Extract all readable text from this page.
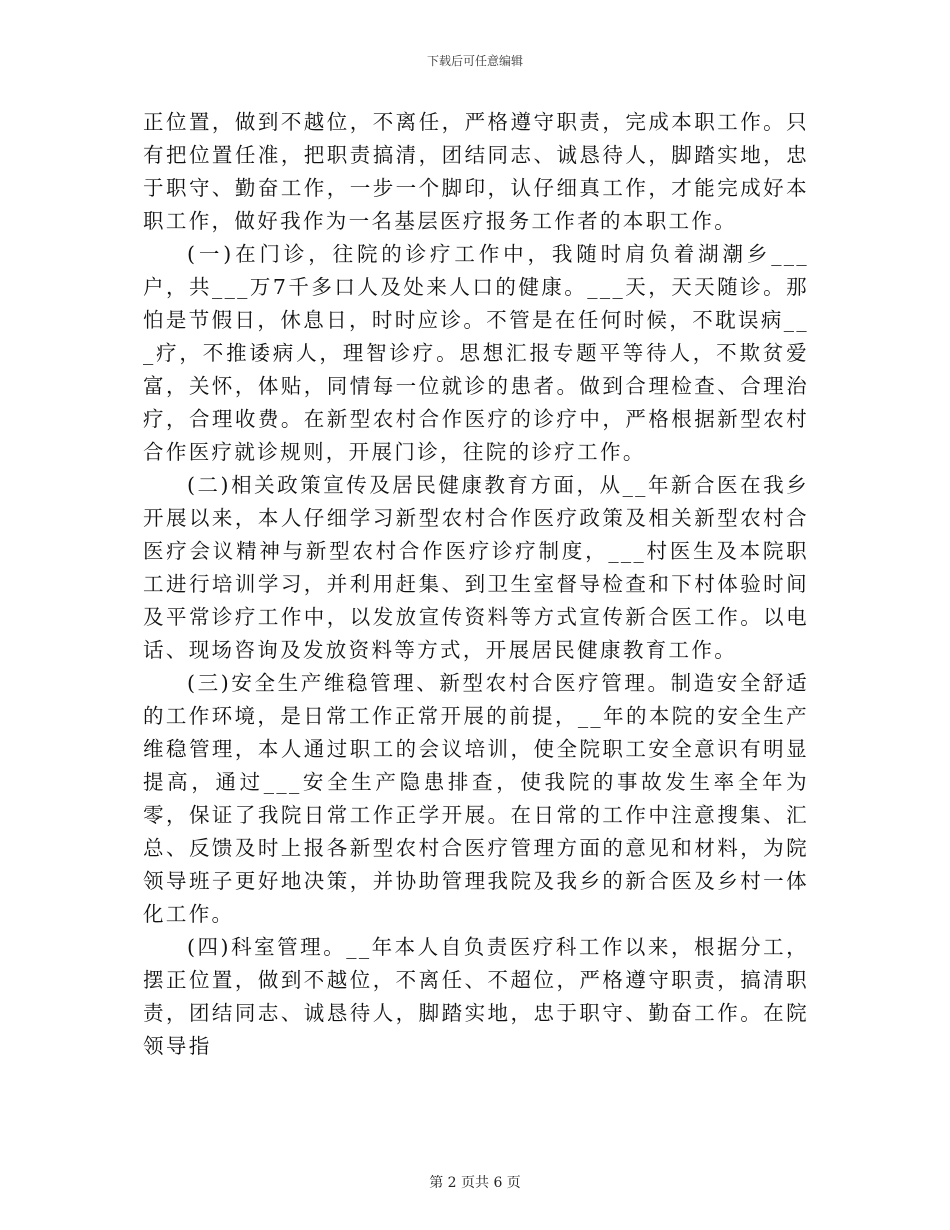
下载后可任意编辑

正位置，做到不越位，不离任，严格遵守职责，完成本职工作。只有把位置任准，把职责搞清，团结同志、诚恳待人，脚踏实地，忠于职守、勤奋工作，一步一个脚印，认仔细真工作，才能完成好本职工作，做好我作为一名基层医疗报务工作者的本职工作。

(一)在门诊，往院的诊疗工作中，我随时肩负着湖潮乡___户，共___万7千多口人及处来人口的健康。___天，天天随诊。那怕是节假日，休息日，时时应诊。不管是在任何时候，不耽误病___疗，不推诿病人，理智诊疗。思想汇报专题平等待人，不欺贫爱富，关怀，体贴，同情每一位就诊的患者。做到合理检查、合理治疗，合理收费。在新型农村合作医疗的诊疗中，严格根据新型农村合作医疗就诊规则，开展门诊，往院的诊疗工作。

(二)相关政策宣传及居民健康教育方面，从__年新合医在我乡开展以来，本人仔细学习新型农村合作医疗政策及相关新型农村合医疗会议精神与新型农村合作医疗诊疗制度，___村医生及本院职工进行培训学习，并利用赶集、到卫生室督导检查和下村体验时间及平常诊疗工作中，以发放宣传资料等方式宣传新合医工作。以电话、现场咨询及发放资料等方式，开展居民健康教育工作。

(三)安全生产维稳管理、新型农村合医疗管理。制造安全舒适的工作环境，是日常工作正常开展的前提，__年的本院的安全生产维稳管理，本人通过职工的会议培训，使全院职工安全意识有明显提高，通过___安全生产隐患排查，使我院的事故发生率全年为零，保证了我院日常工作正学开展。在日常的工作中注意搜集、汇总、反馈及时上报各新型农村合医疗管理方面的意见和材料，为院领导班子更好地决策，并协助管理我院及我乡的新合医及乡村一体化工作。

(四)科室管理。__年本人自负责医疗科工作以来，根据分工，摆正位置，做到不越位，不离任、不超位，严格遵守职责，搞清职责，团结同志、诚恳待人，脚踏实地，忠于职守、勤奋工作。在院领导指

第 2 页共 6 页
